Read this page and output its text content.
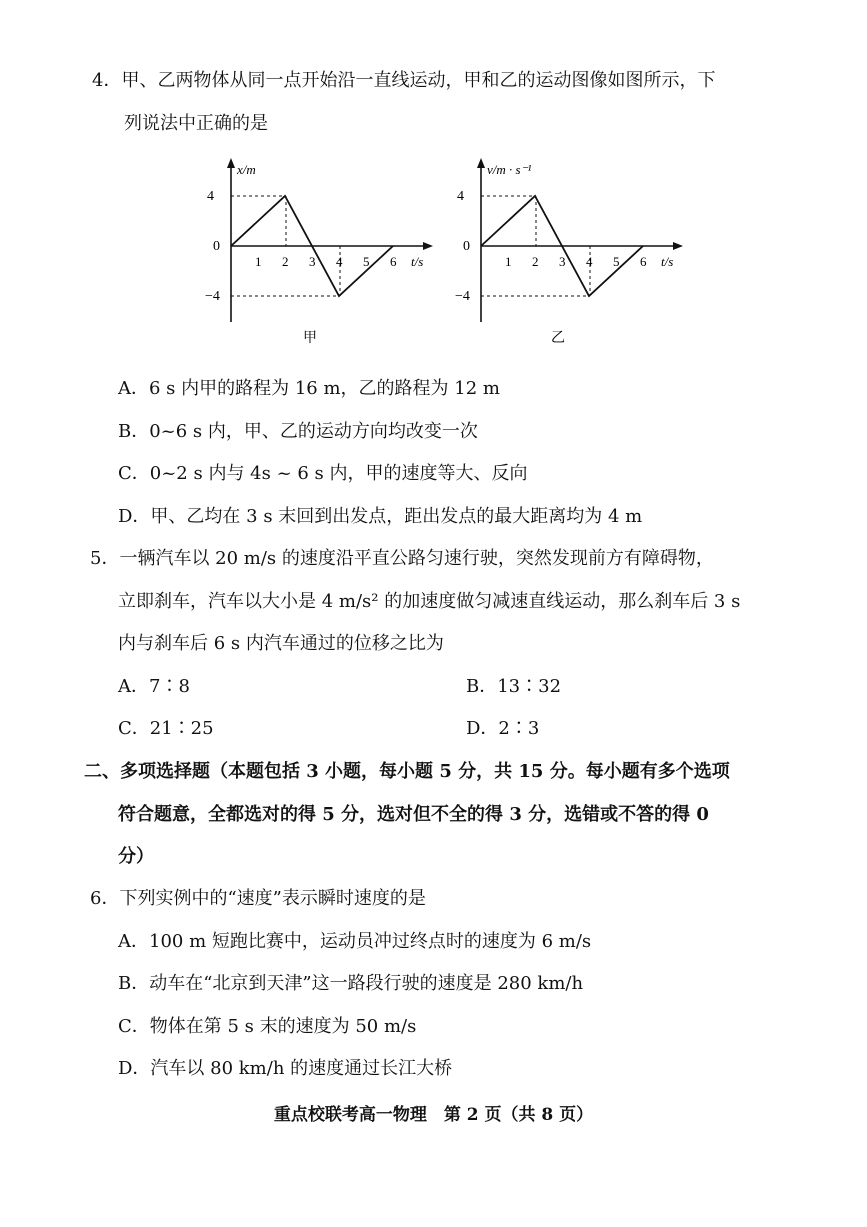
4．甲、乙两物体从同一点开始沿一直线运动，甲和乙的运动图像如图所示，下
列说法中正确的是
4
0
−4
1 2 3 4 5 6
x/m
t/s
甲
4
0
−4
1 2 3 4 5 6
v/m · s⁻¹
t/s
乙
A．6 s 内甲的路程为 16 m，乙的路程为 12 m
B．0~6 s 内，甲、乙的运动方向均改变一次
C．0~2 s 内与 4s ~ 6 s 内，甲的速度等大、反向
D．甲、乙均在 3 s 末回到出发点，距出发点的最大距离均为 4 m
5．一辆汽车以 20 m/s 的速度沿平直公路匀速行驶，突然发现前方有障碍物，
立即刹车，汽车以大小是 4 m/s² 的加速度做匀减速直线运动，那么刹车后 3 s
内与刹车后 6 s 内汽车通过的位移之比为
A．7∶8	B．13∶32
C．21∶25	D．2∶3
二、多项选择题（本题包括 3 小题，每小题 5 分，共 15 分。每小题有多个选项
符合题意，全都选对的得 5 分，选对但不全的得 3 分，选错或不答的得 0
分）
6．下列实例中的“速度”表示瞬时速度的是
A．100 m 短跑比赛中，运动员冲过终点时的速度为 6 m/s
B．动车在“北京到天津”这一路段行驶的速度是 280 km/h
C．物体在第 5 s 末的速度为 50 m/s
D．汽车以 80 km/h 的速度通过长江大桥
重点校联考高一物理　第 2 页（共 8 页）
